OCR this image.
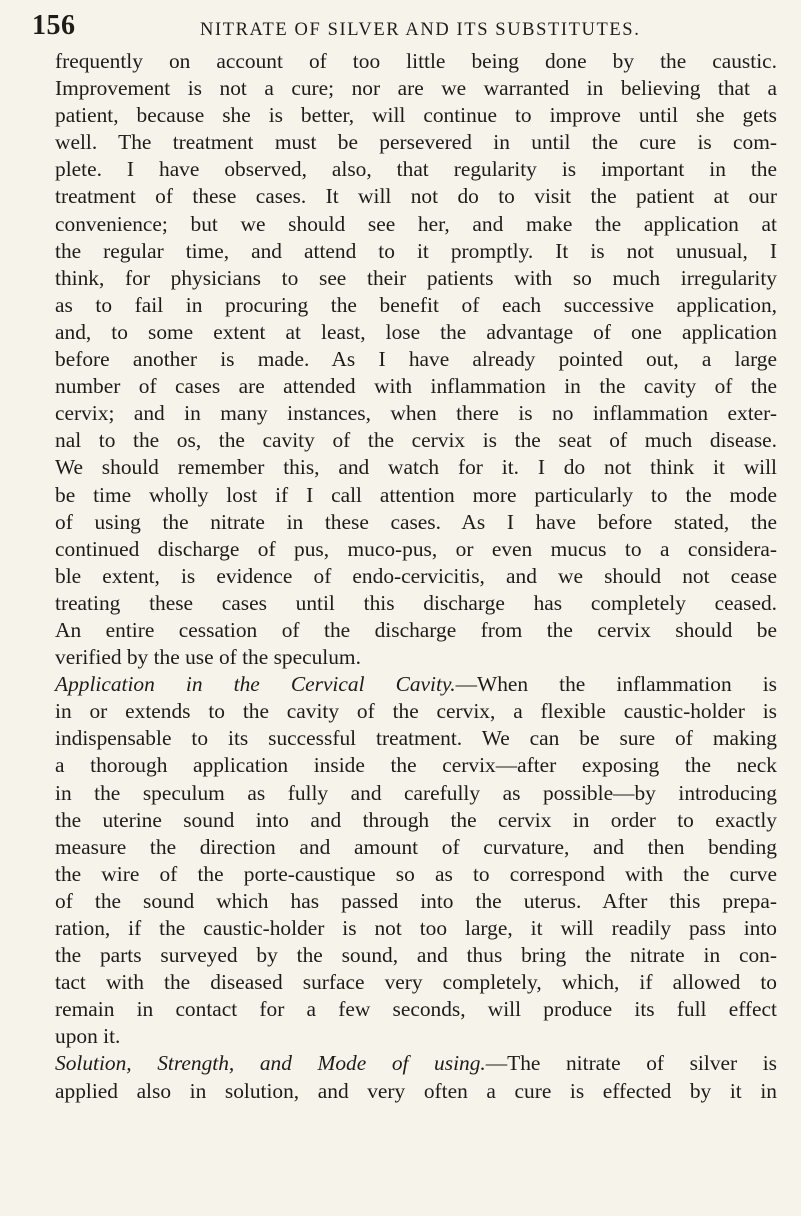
156	NITRATE OF SILVER AND ITS SUBSTITUTES.
frequently on account of too little being done by the caustic.
Improvement is not a cure; nor are we warranted in believing that a
patient, because she is better, will continue to improve until she gets
well. The treatment must be persevered in until the cure is com-
plete. I have observed, also, that regularity is important in the
treatment of these cases. It will not do to visit the patient at our
convenience; but we should see her, and make the application at
the regular time, and attend to it promptly. It is not unusual, I
think, for physicians to see their patients with so much irregularity
as to fail in procuring the benefit of each successive application,
and, to some extent at least, lose the advantage of one application
before another is made. As I have already pointed out, a large
number of cases are attended with inflammation in the cavity of the
cervix; and in many instances, when there is no inflammation exter-
nal to the os, the cavity of the cervix is the seat of much disease.
We should remember this, and watch for it. I do not think it will
be time wholly lost if I call attention more particularly to the mode
of using the nitrate in these cases. As I have before stated, the
continued discharge of pus, muco-pus, or even mucus to a considera-
ble extent, is evidence of endo-cervicitis, and we should not cease
treating these cases until this discharge has completely ceased.
An entire cessation of the discharge from the cervix should be
verified by the use of the speculum.
Application in the Cervical Cavity.—When the inflammation is
in or extends to the cavity of the cervix, a flexible caustic-holder is
indispensable to its successful treatment. We can be sure of making
a thorough application inside the cervix—after exposing the neck
in the speculum as fully and carefully as possible—by introducing
the uterine sound into and through the cervix in order to exactly
measure the direction and amount of curvature, and then bending
the wire of the porte-caustique so as to correspond with the curve
of the sound which has passed into the uterus. After this prepa-
ration, if the caustic-holder is not too large, it will readily pass into
the parts surveyed by the sound, and thus bring the nitrate in con-
tact with the diseased surface very completely, which, if allowed to
remain in contact for a few seconds, will produce its full effect
upon it.
Solution, Strength, and Mode of using.—The nitrate of silver is
applied also in solution, and very often a cure is effected by it in
